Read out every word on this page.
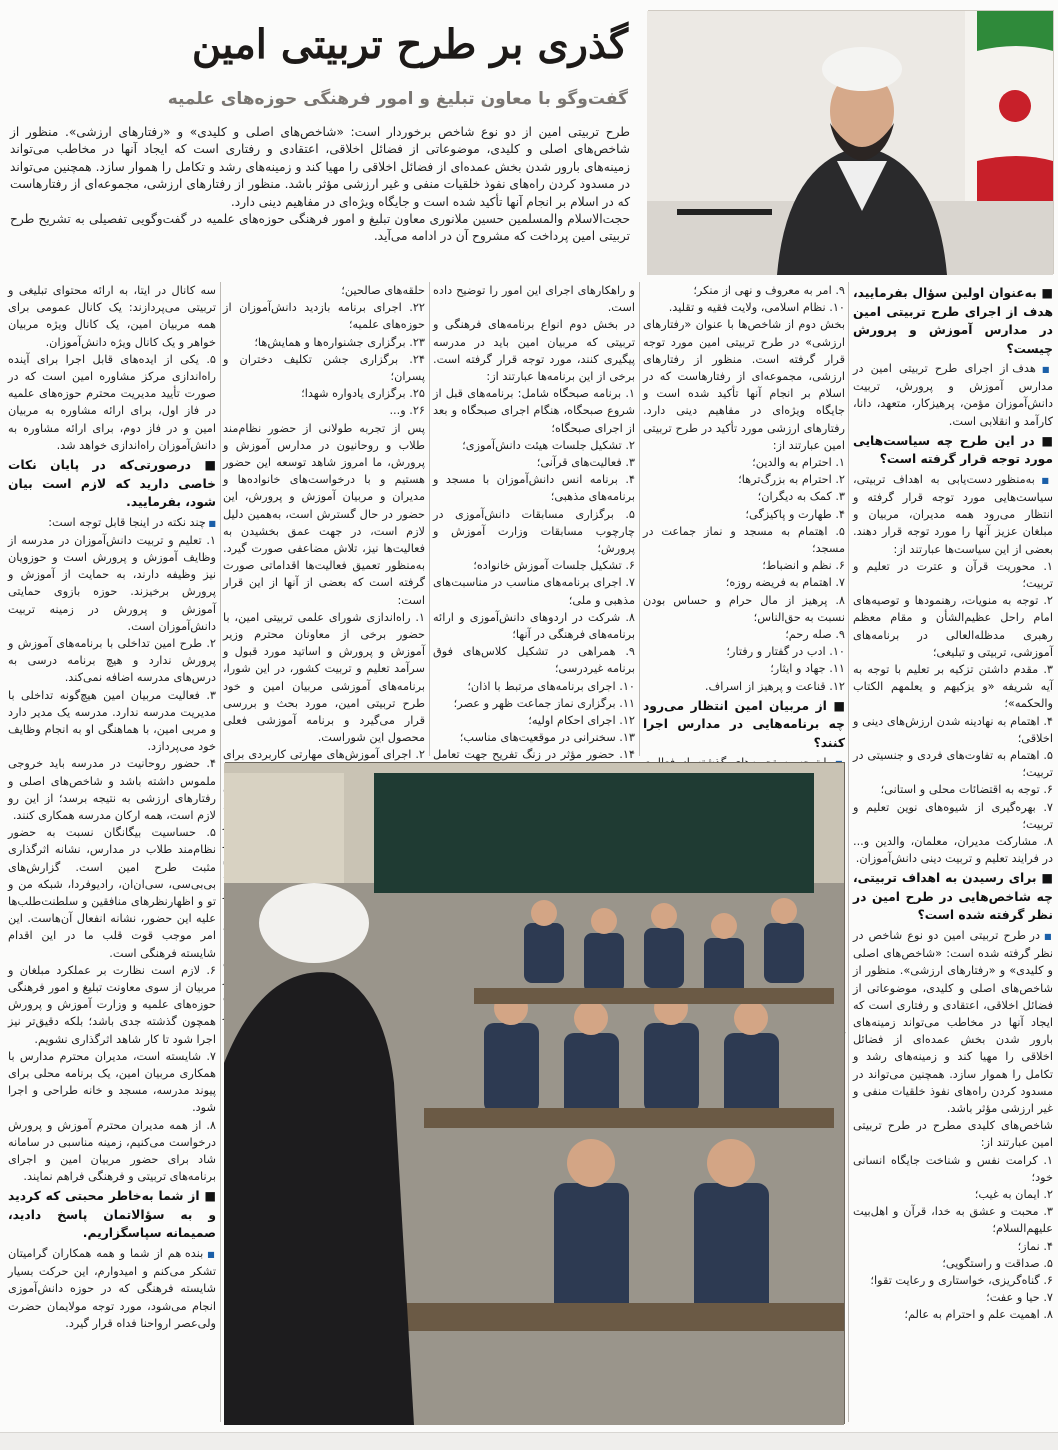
گذری بر طرح تربیتی امین
گفت‌وگو با معاون تبلیغ و امور فرهنگی حوزه‌های علمیه

طرح تربیتی امین از دو نوع شاخص برخوردار است: «شاخص‌های اصلی و کلیدی» و «رفتارهای ارزشی». منظور از شاخص‌های اصلی و کلیدی، موضوعاتی از فضائل اخلاقی، اعتقادی و رفتاری است که ایجاد آنها در مخاطب می‌تواند زمینه‌های بارور شدن بخش عمده‌ای از فضائل اخلاقی را مهیا کند و زمینه‌های رشد و تکامل را هموار سازد. همچنین می‌تواند در مسدود کردن راه‌های نفوذ خلقیات منفی و غیر ارزشی مؤثر باشد. منظور از رفتارهای ارزشی، مجموعه‌ای از رفتارهاست که در اسلام بر انجام آنها تأکید شده است و جایگاه ویژه‌ای در مفاهیم دینی دارد.

حجت‌الاسلام والمسلمین حسین ملانوری معاون تبلیغ و امور فرهنگی حوزه‌های علمیه در گفت‌وگویی تفصیلی به تشریح طرح تربیتی امین پرداخت که مشروح آن در ادامه می‌آید.

■ به‌عنوان اولین سؤال بفرمایید، هدف از اجرای طرح تربیتی امین در مدارس آموزش و پرورش چیست؟

■ هدف از اجرای طرح تربیتی امین در مدارس آموزش و پرورش، تربیت دانش‌آموزان مؤمن، پرهیزکار، متعهد، دانا، کارآمد و انقلابی است.

■ در این طرح چه سیاست‌هایی مورد توجه قرار گرفته است؟

■ به‌منظور دست‌یابی به اهداف تربیتی، سیاست‌هایی مورد توجه قرار گرفته و انتظار می‌رود همه مدیران، مربیان و مبلغان عزیز آنها را مورد توجه قرار دهند. بعضی از این سیاست‌ها عبارتند از:

۱. محوریت قرآن و عترت در تعلیم و تربیت؛

۲. توجه به منویات، رهنمودها و توصیه‌های امام راحل عظیم‌الشأن و مقام معظم رهبری مدظله‌العالی در برنامه‌های آموزشی، تربیتی و تبلیغی؛

۳. مقدم داشتن تزکیه بر تعلیم با توجه به آیه شریفه «و یزکیهم و یعلمهم الکتاب والحکمه»؛

۴. اهتمام به نهادینه شدن ارزش‌های دینی و اخلاقی؛

۵. اهتمام به تفاوت‌های فردی و جنسیتی در تربیت؛

۶. توجه به اقتضائات محلی و استانی؛

۷. بهره‌گیری از شیوه‌های نوین تعلیم و تربیت؛

۸. مشارکت مدیران، معلمان، والدین و... در فرایند تعلیم و تربیت دینی دانش‌آموزان.

■ برای رسیدن به اهداف تربیتی، چه شاخص‌هایی در طرح امین در نظر گرفته شده است؟

■ در طرح تربیتی امین دو نوع شاخص در نظر گرفته شده است: «شاخص‌های اصلی و کلیدی» و «رفتارهای ارزشی». منظور از شاخص‌های اصلی و کلیدی، موضوعاتی از فضائل اخلاقی، اعتقادی و رفتاری است که ایجاد آنها در مخاطب می‌تواند زمینه‌های بارور شدن بخش عمده‌ای از فضائل اخلاقی را مهیا کند و زمینه‌های رشد و تکامل را هموار سازد. همچنین می‌تواند در مسدود کردن راه‌های نفوذ خلقیات منفی و غیر ارزشی مؤثر باشد.

شاخص‌های کلیدی مطرح در طرح تربیتی امین عبارتند از:

۱. کرامت نفس و شناخت جایگاه انسانی خود؛

۲. ایمان به غیب؛

۳. محبت و عشق به خدا، قرآن و اهل‌بیت علیهم‌السلام؛

۴. نماز؛

۵. صداقت و راستگویی؛

۶. گناه‌گریزی، خواستاری و رعایت تقوا؛

۷. حیا و عفت؛

۸. اهمیت علم و احترام به عالم؛

۹. امر به معروف و نهی از منکر؛

۱۰. نظام اسلامی، ولایت فقیه و تقلید.

بخش دوم از شاخص‌ها با عنوان «رفتارهای ارزشی» در طرح تربیتی امین مورد توجه قرار گرفته است. منظور از رفتارهای ارزشی، مجموعه‌ای از رفتارهاست که در اسلام بر انجام آنها تأکید شده است و جایگاه ویژه‌ای در مفاهیم دینی دارد. رفتارهای ارزشی مورد تأکید در طرح تربیتی امین عبارتند از:

۱. احترام به والدین؛

۲. احترام به بزرگ‌ترها؛

۳. کمک به دیگران؛

۴. طهارت و پاکیزگی؛

۵. اهتمام به مسجد و نماز جماعت در مسجد؛

۶. نظم و انضباط؛

۷. اهتمام به فریضه روزه؛

۸. پرهیز از مال حرام و حساس بودن نسبت به حق‌الناس؛

۹. صله رحم؛

۱۰. ادب در گفتار و رفتار؛

۱۱. جهاد و ایثار؛

۱۲. قناعت و پرهیز از اسراف.

■ از مربیان امین انتظار می‌رود چه برنامه‌هایی در مدارس اجرا کنند؟

■

و راهکارهای اجرای این امور را توضیح داده است.

در بخش دوم انواع برنامه‌های فرهنگی و تربیتی که مربیان امین باید در مدرسه پیگیری کنند، مورد توجه قرار گرفته است. برخی از این برنامه‌ها عبارتند از:

۱. برنامه صبحگاه شامل: برنامه‌های قبل از شروع صبحگاه، هنگام اجرای صبحگاه و بعد از اجرای صبحگاه؛

۲. تشکیل جلسات هیئت دانش‌آموزی؛

۳. فعالیت‌های قرآنی؛

۴. برنامه انس دانش‌آموزان با مسجد و برنامه‌های مذهبی؛

۵. برگزاری مسابقات دانش‌آموزی در چارچوب مسابقات وزارت آموزش و پرورش؛

۶. تشکیل جلسات آموزش خانواده؛

۷. اجرای برنامه‌های مناسب در مناسبت‌های مذهبی و ملی؛

۸. شرکت در اردوهای دانش‌آموزی و ارائه برنامه‌های فرهنگی در آنها؛

۹. همراهی در تشکیل کلاس‌های فوق برنامه غیردرسی؛

۱۰. اجرای برنامه‌های مرتبط با اذان؛

۱۱. برگزاری نماز جماعت ظهر و عصر؛

۱۲. اجرای احکام اولیه؛

۱۳. سخنرانی در موقعیت‌های مناسب؛

۱۴. حضور مؤثر در زنگ تفریح جهت تعامل

حلقه‌های صالحین؛

۲۲. اجرای برنامه بازدید دانش‌آموزان از حوزه‌های علمیه؛

۲۳. برگزاری جشنواره‌ها و همایش‌ها؛

۲۴. برگزاری جشن تکلیف دختران و پسران؛

۲۵. برگزاری یادواره شهدا؛

۲۶. و...

پس از تجربه طولانی از حضور نظام‌مند طلاب و روحانیون در مدارس آموزش و پرورش، ما امروز شاهد توسعه این حضور هستیم و با درخواست‌های خانواده‌ها و مدیران و مربیان آموزش و پرورش، این حضور در حال گسترش است، به‌همین دلیل لازم است، در جهت عمق بخشیدن به فعالیت‌ها نیز، تلاش مضاعفی صورت گیرد. به‌منظور تعمیق فعالیت‌ها اقداماتی صورت گرفته است که بعضی از آنها از این قرار است:

۱. راه‌اندازی شورای علمی تربیتی امین، با حضور برخی از معاونان محترم وزیر آموزش و پرورش و اساتید مورد قبول و سرآمد تعلیم و تربیت کشور، در این شورا، برنامه‌های آموزشی مربیان امین و خود طرح تربیتی امین، مورد بحث و بررسی قرار می‌گیرد و برنامه آموزشی فعلی محصول این شوراست.

۲. اجرای آموزش‌های مهارتی کاربردی برای

سه کانال در ایتا، به ارائه محتوای تبلیغی و تربیتی می‌پردازند: یک کانال عمومی برای همه مربیان امین، یک کانال ویژه مربیان خواهر و یک کانال ویژه دانش‌آموزان.

۵. یکی از ایده‌های قابل اجرا برای آینده راه‌اندازی مرکز مشاوره امین است که در صورت تأیید مدیریت محترم حوزه‌های علمیه در فاز اول، برای ارائه مشاوره به مربیان امین و در فاز دوم، برای ارائه مشاوره به دانش‌آموزان راه‌اندازی خواهد شد.

■ درصورتی‌که در پایان نکات خاصی دارید که لازم است بیان شود، بفرمایید.

■ چند نکته در اینجا قابل توجه است:

۱. تعلیم و تربیت دانش‌آموزان در مدرسه از وظایف آموزش و پرورش است و حوزویان نیز وظیفه دارند، به حمایت از آموزش و پرورش برخیزند. حوزه بازوی حمایتی آموزش و پرورش در زمینه تربیت دانش‌آموزان است.

۲. طرح امین تداخلی با برنامه‌های آموزش و پرورش ندارد و هیچ برنامه درسی به درس‌های مدرسه اضافه نمی‌کند.

۳. فعالیت مربیان امین هیچ‌گونه تداخلی با مدیریت مدرسه ندارد. مدرسه یک مدیر دارد و مربی امین، با هماهنگی او به انجام وظایف خود می‌پردازد.

۴. حضور روحانیت در مدرسه باید خروجی ملموس داشته باشد و شاخص‌های اصلی و رفتارهای ارزشی به نتیجه برسد؛ از این رو لازم است، همه ارکان مدرسه همکاری کنند.

۵. حساسیت بیگانگان نسبت به حضور نظام‌مند طلاب در مدارس، نشانه اثرگذاری مثبت طرح امین است. گزارش‌های بی‌بی‌سی، سی‌ان‌ان، رادیوفردا، شبکه من و تو و اظهارنظرهای منافقین و سلطنت‌طلب‌ها علیه این حضور، نشانه انفعال آن‌هاست. این امر موجب قوت قلب ما در این اقدام شایسته فرهنگی است.

۶. لازم است نظارت بر عملکرد مبلغان و مربیان از سوی معاونت تبلیغ و امور فرهنگی حوزه‌های علمیه و وزارت آموزش و پرورش همچون گذشته جدی باشد؛ بلکه دقیق‌تر نیز اجرا شود تا کار شاهد اثرگذاری نشویم.

۷. شایسته است، مدیران محترم مدارس با همکاری مربیان امین، یک برنامه محلی برای پیوند مدرسه، مسجد و خانه طراحی و اجرا شود.

۸. از همه مدیران محترم آموزش و پرورش درخواست می‌کنیم، زمینه مناسبی در سامانه شاد برای حضور مربیان امین و اجرای برنامه‌های تربیتی و فرهنگی فراهم نمایند.

■ از شما به‌خاطر محبتی که کردید و به سؤالاتمان پاسخ دادید، صمیمانه سپاسگزاریم.

■ بنده هم از شما و همه همکاران گرامیتان تشکر می‌کنم و امیدوارم، این حرکت بسیار شایسته فرهنگی که در حوزه دانش‌آموزی انجام می‌شود، مورد توجه مولایمان حضرت ولی‌عصر ارواحنا فداه قرار گیرد.
